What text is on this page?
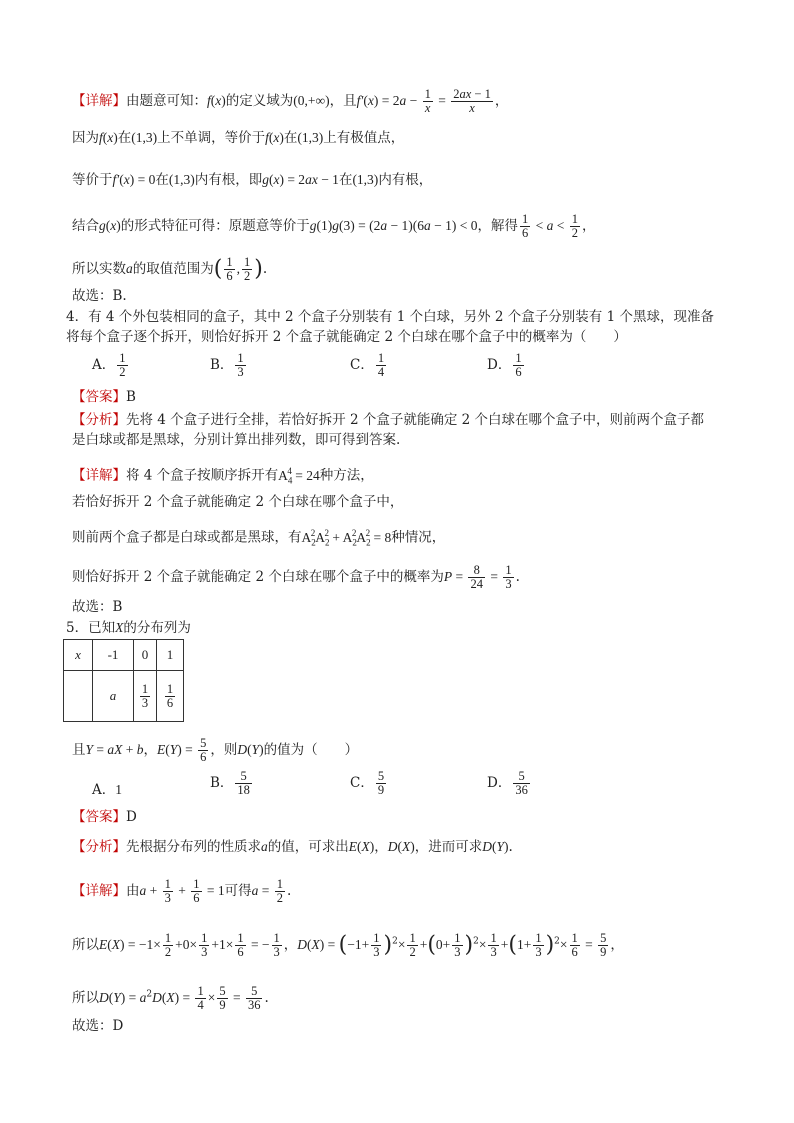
【详解】由题意可知：f(x)的定义域为(0,+∞)，且$f'(x) = 2a - \frac{1}{x} = \frac{2ax - 1}{x}$ ，
因为f(x)在(1,3)上不单调，等价于f(x)在(1,3)上有极值点，
等价于f′(x) = 0在(1,3)内有根，即g(x) = 2ax − 1在(1,3)内有根，
结合g(x)的形式特征可得：原题意等价于g(1)g(3) = (2a − 1)(6a − 1) < 0，解得 $\frac{1}{6} < a < \frac{1}{2}$ ，
所以实数a的取值范围为( $\frac{1}{6}$ , $\frac{1}{2}$ ).
故选：B.
4．有 4 个外包装相同的盒子，其中 2 个盒子分别装有 1 个白球，另外 2 个盒子分别装有 1 个黑球，现准备
将每个盒子逐个拆开，则恰好拆开 2 个盒子就能确定 2 个白球在哪个盒子中的概率为（　　）
A． $\frac{1}{2}$	B． $\frac{1}{3}$	C． $\frac{1}{4}$	D． $\frac{1}{6}$
【答案】B
【分析】先将 4 个盒子进行全排，若恰好拆开 2 个盒子就能确定 2 个白球在哪个盒子中，则前两个盒子都
是白球或都是黑球，分别计算出排列数，即可得到答案.
【详解】将 4 个盒子按顺序拆开有$A_4^4 = 24$种方法，
若恰好拆开 2 个盒子就能确定 2 个白球在哪个盒子中，
则前两个盒子都是白球或都是黑球，有$A_2^2A_2^2 + A_2^2A_2^2 = 8$种情况，
则恰好拆开 2 个盒子就能确定 2 个白球在哪个盒子中的概率为$P = \frac{8}{24} = \frac{1}{3}$ .
故选：B
5．已知X的分布列为
x	-1	0	1
	a	$\frac{1}{3}$	$\frac{1}{6}$
且Y = aX + b，$E(Y) = \frac{5}{6}$ ，则D(Y)的值为（　　）
A．1	B． $\frac{5}{18}$	C． $\frac{5}{9}$	D． $\frac{5}{36}$
【答案】D
【分析】先根据分布列的性质求a的值，可求出E(X)，D(X)，进而可求D(Y).
【详解】由$a + \frac{1}{3} + \frac{1}{6} = 1$可得$a = \frac{1}{2}$ .
所以$E(X) = -1\times \frac{1}{2} +0\times \frac{1}{3} +1\times \frac{1}{6}$ = − $\frac{1}{3}$ ，$D(X) = (-1+ \frac{1}{3} )^2\times \frac{1}{2} +(0+ \frac{1}{3} )^2\times \frac{1}{3} +(1+ \frac{1}{3} )^2\times \frac{1}{6} = \frac{5}{9}$ ，
所以$D(Y) = a^2D(X) = \frac{1}{4} \times \frac{5}{9} = \frac{5}{36}$ .
故选：D
